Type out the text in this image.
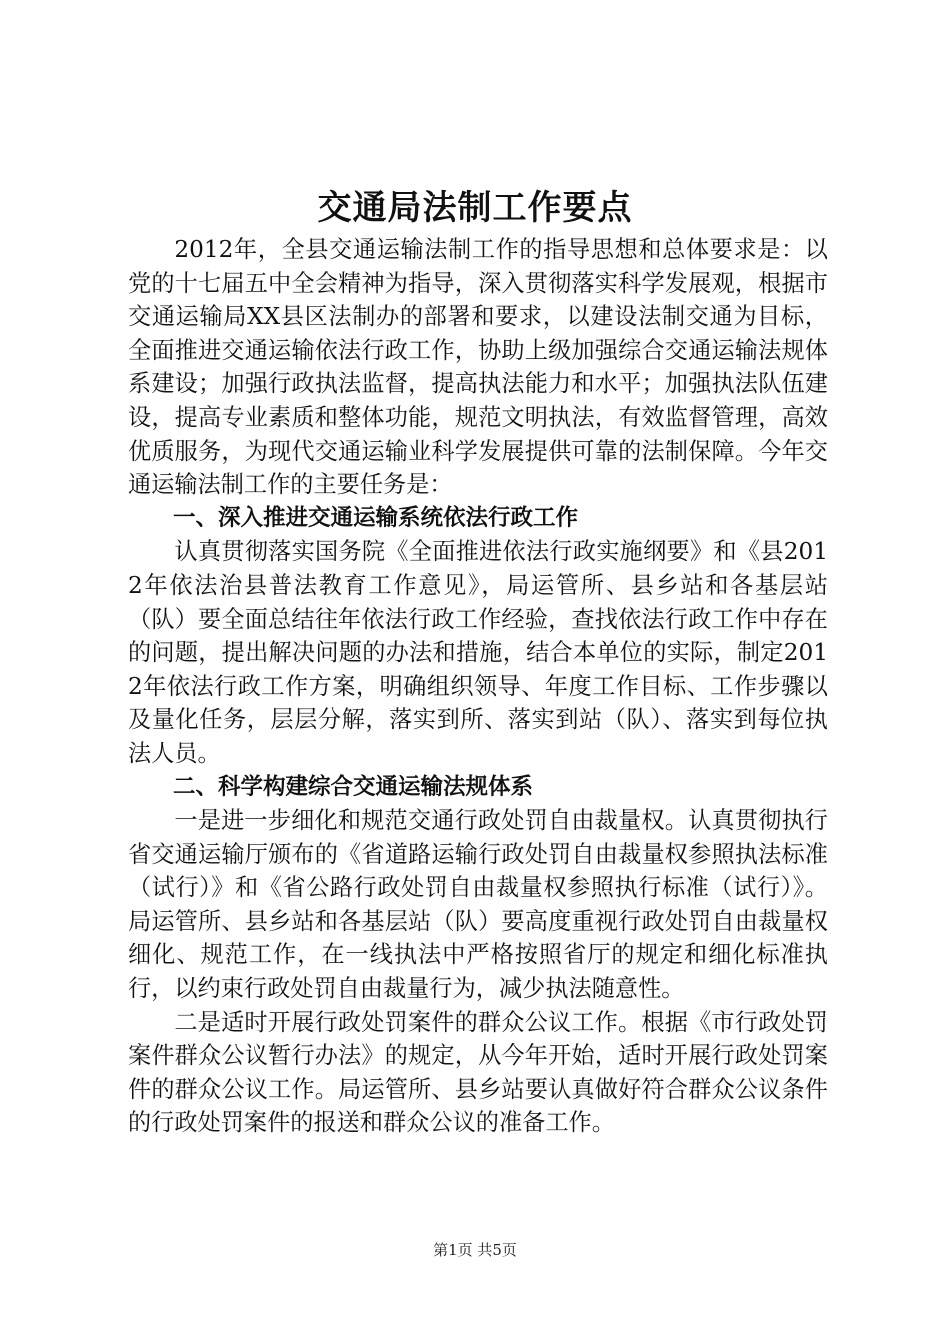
交通局法制工作要点

2012年，全县交通运输法制工作的指导思想和总体要求是：以党的十七届五中全会精神为指导，深入贯彻落实科学发展观，根据市交通运输局XX县区法制办的部署和要求，以建设法制交通为目标，全面推进交通运输依法行政工作，协助上级加强综合交通运输法规体系建设；加强行政执法监督，提高执法能力和水平；加强执法队伍建设，提高专业素质和整体功能，规范文明执法，有效监督管理，高效优质服务，为现代交通运输业科学发展提供可靠的法制保障。今年交通运输法制工作的主要任务是：

一、深入推进交通运输系统依法行政工作

认真贯彻落实国务院《全面推进依法行政实施纲要》和《县2012年依法治县普法教育工作意见》，局运管所、县乡站和各基层站（队）要全面总结往年依法行政工作经验，查找依法行政工作中存在的问题，提出解决问题的办法和措施，结合本单位的实际，制定2012年依法行政工作方案，明确组织领导、年度工作目标、工作步骤以及量化任务，层层分解，落实到所、落实到站（队）、落实到每位执法人员。

二、科学构建综合交通运输法规体系

一是进一步细化和规范交通行政处罚自由裁量权。认真贯彻执行省交通运输厅颁布的《省道路运输行政处罚自由裁量权参照执法标准（试行）》和《省公路行政处罚自由裁量权参照执行标准（试行）》。局运管所、县乡站和各基层站（队）要高度重视行政处罚自由裁量权细化、规范工作，在一线执法中严格按照省厅的规定和细化标准执行，以约束行政处罚自由裁量行为，减少执法随意性。

二是适时开展行政处罚案件的群众公议工作。根据《市行政处罚案件群众公议暂行办法》的规定，从今年开始，适时开展行政处罚案件的群众公议工作。局运管所、县乡站要认真做好符合群众公议条件的行政处罚案件的报送和群众公议的准备工作。

第1页 共5页
